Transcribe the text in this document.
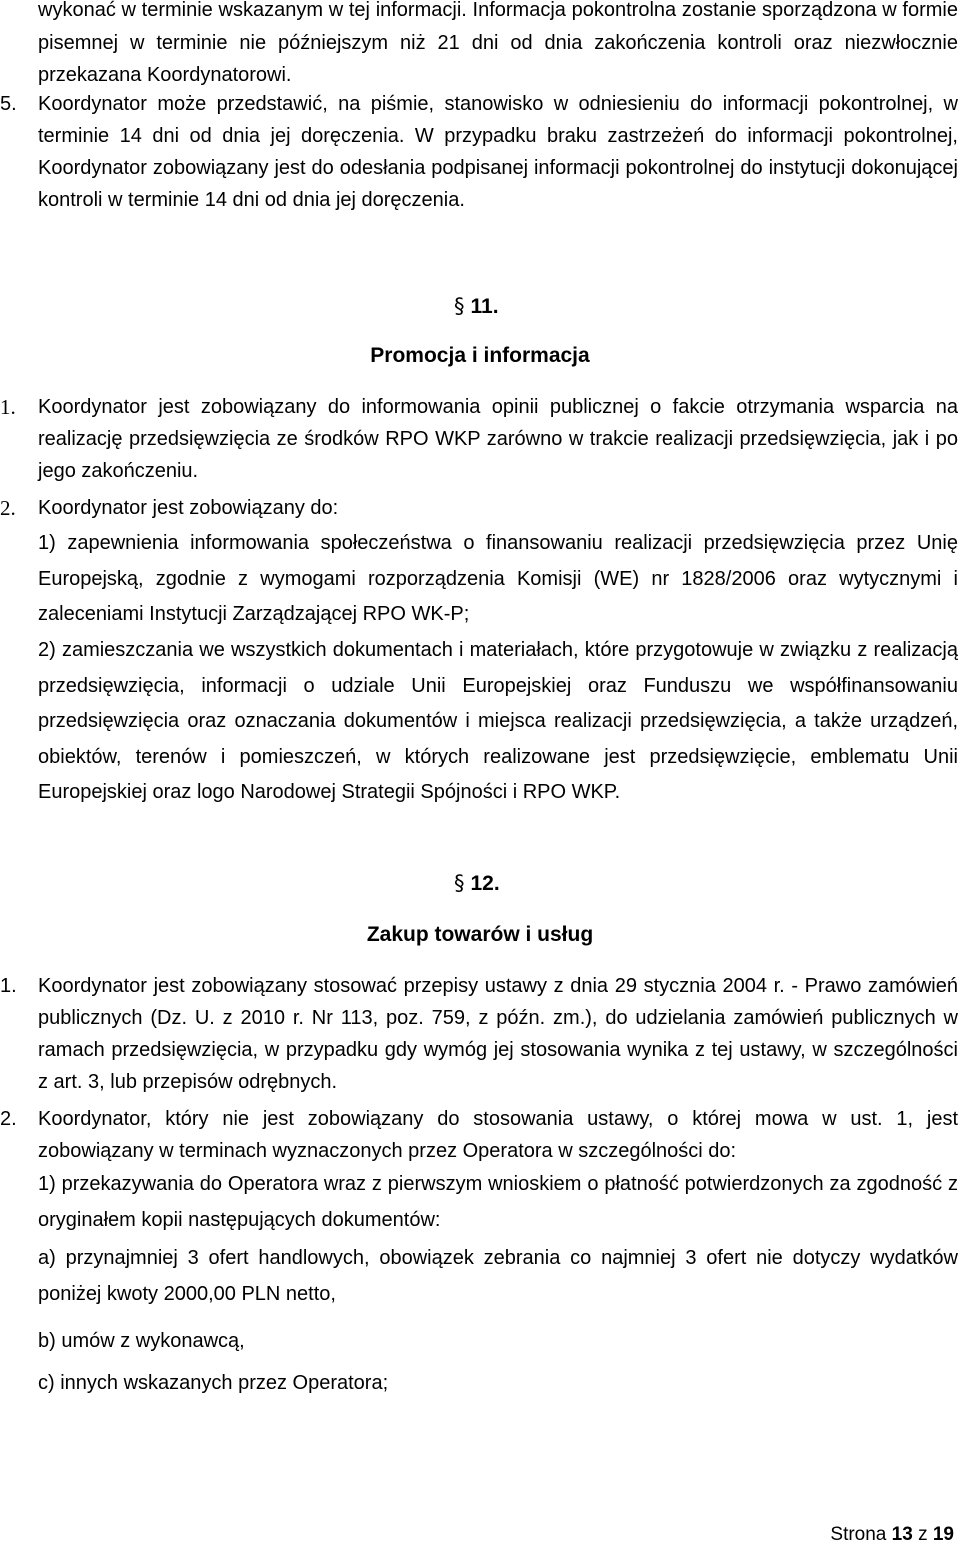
wykonać w terminie wskazanym w tej informacji. Informacja pokontrolna zostanie sporządzona w formie pisemnej w terminie nie późniejszym niż 21 dni od dnia zakończenia kontroli oraz niezwłocznie przekazana Koordynatorowi.

5.	Koordynator może przedstawić, na piśmie, stanowisko w odniesieniu do informacji pokontrolnej, w terminie 14 dni od dnia jej doręczenia. W przypadku braku zastrzeżeń do informacji pokontrolnej, Koordynator zobowiązany jest do odesłania podpisanej informacji pokontrolnej do instytucji dokonującej kontroli w terminie 14 dni od dnia jej doręczenia.
§ 11.
Promocja i informacja
1.	Koordynator jest zobowiązany do informowania opinii publicznej o fakcie otrzymania wsparcia na realizację przedsięwzięcia ze środków RPO WKP zarówno w trakcie realizacji przedsięwzięcia, jak i po jego zakończeniu.
2.	Koordynator jest zobowiązany do:

1) zapewnienia informowania społeczeństwa o finansowaniu realizacji przedsięwzięcia przez Unię Europejską, zgodnie z wymogami rozporządzenia Komisji (WE) nr 1828/2006 oraz wytycznymi i zaleceniami Instytucji Zarządzającej RPO WK-P;

2) zamieszczania we wszystkich dokumentach i materiałach, które przygotowuje w związku z realizacją przedsięwzięcia, informacji o udziale Unii Europejskiej oraz Funduszu we współfinansowaniu przedsięwzięcia oraz oznaczania dokumentów i miejsca realizacji przedsięwzięcia, a także urządzeń, obiektów, terenów i pomieszczeń, w których realizowane jest przedsięwzięcie, emblematu Unii Europejskiej oraz logo Narodowej Strategii Spójności i RPO WKP.

§ 12.
Zakup towarów i usług
1.	Koordynator jest zobowiązany stosować przepisy ustawy z dnia 29 stycznia 2004 r. - Prawo zamówień publicznych (Dz. U. z 2010 r. Nr 113, poz. 759, z późn. zm.), do udzielania zamówień publicznych w ramach przedsięwzięcia, w przypadku gdy wymóg jej stosowania wynika z tej ustawy, w szczególności z art. 3, lub przepisów odrębnych.
2.	Koordynator, który nie jest zobowiązany do stosowania ustawy, o której mowa w ust. 1, jest zobowiązany w terminach wyznaczonych przez Operatora w szczególności do:

1) przekazywania do Operatora wraz z pierwszym wnioskiem o płatność potwierdzonych za zgodność z oryginałem kopii następujących dokumentów:

a) przynajmniej 3 ofert handlowych, obowiązek zebrania co najmniej 3 ofert nie dotyczy wydatków poniżej kwoty 2000,00 PLN netto,

b) umów z wykonawcą,

c) innych wskazanych przez Operatora;

Strona 13 z 19
